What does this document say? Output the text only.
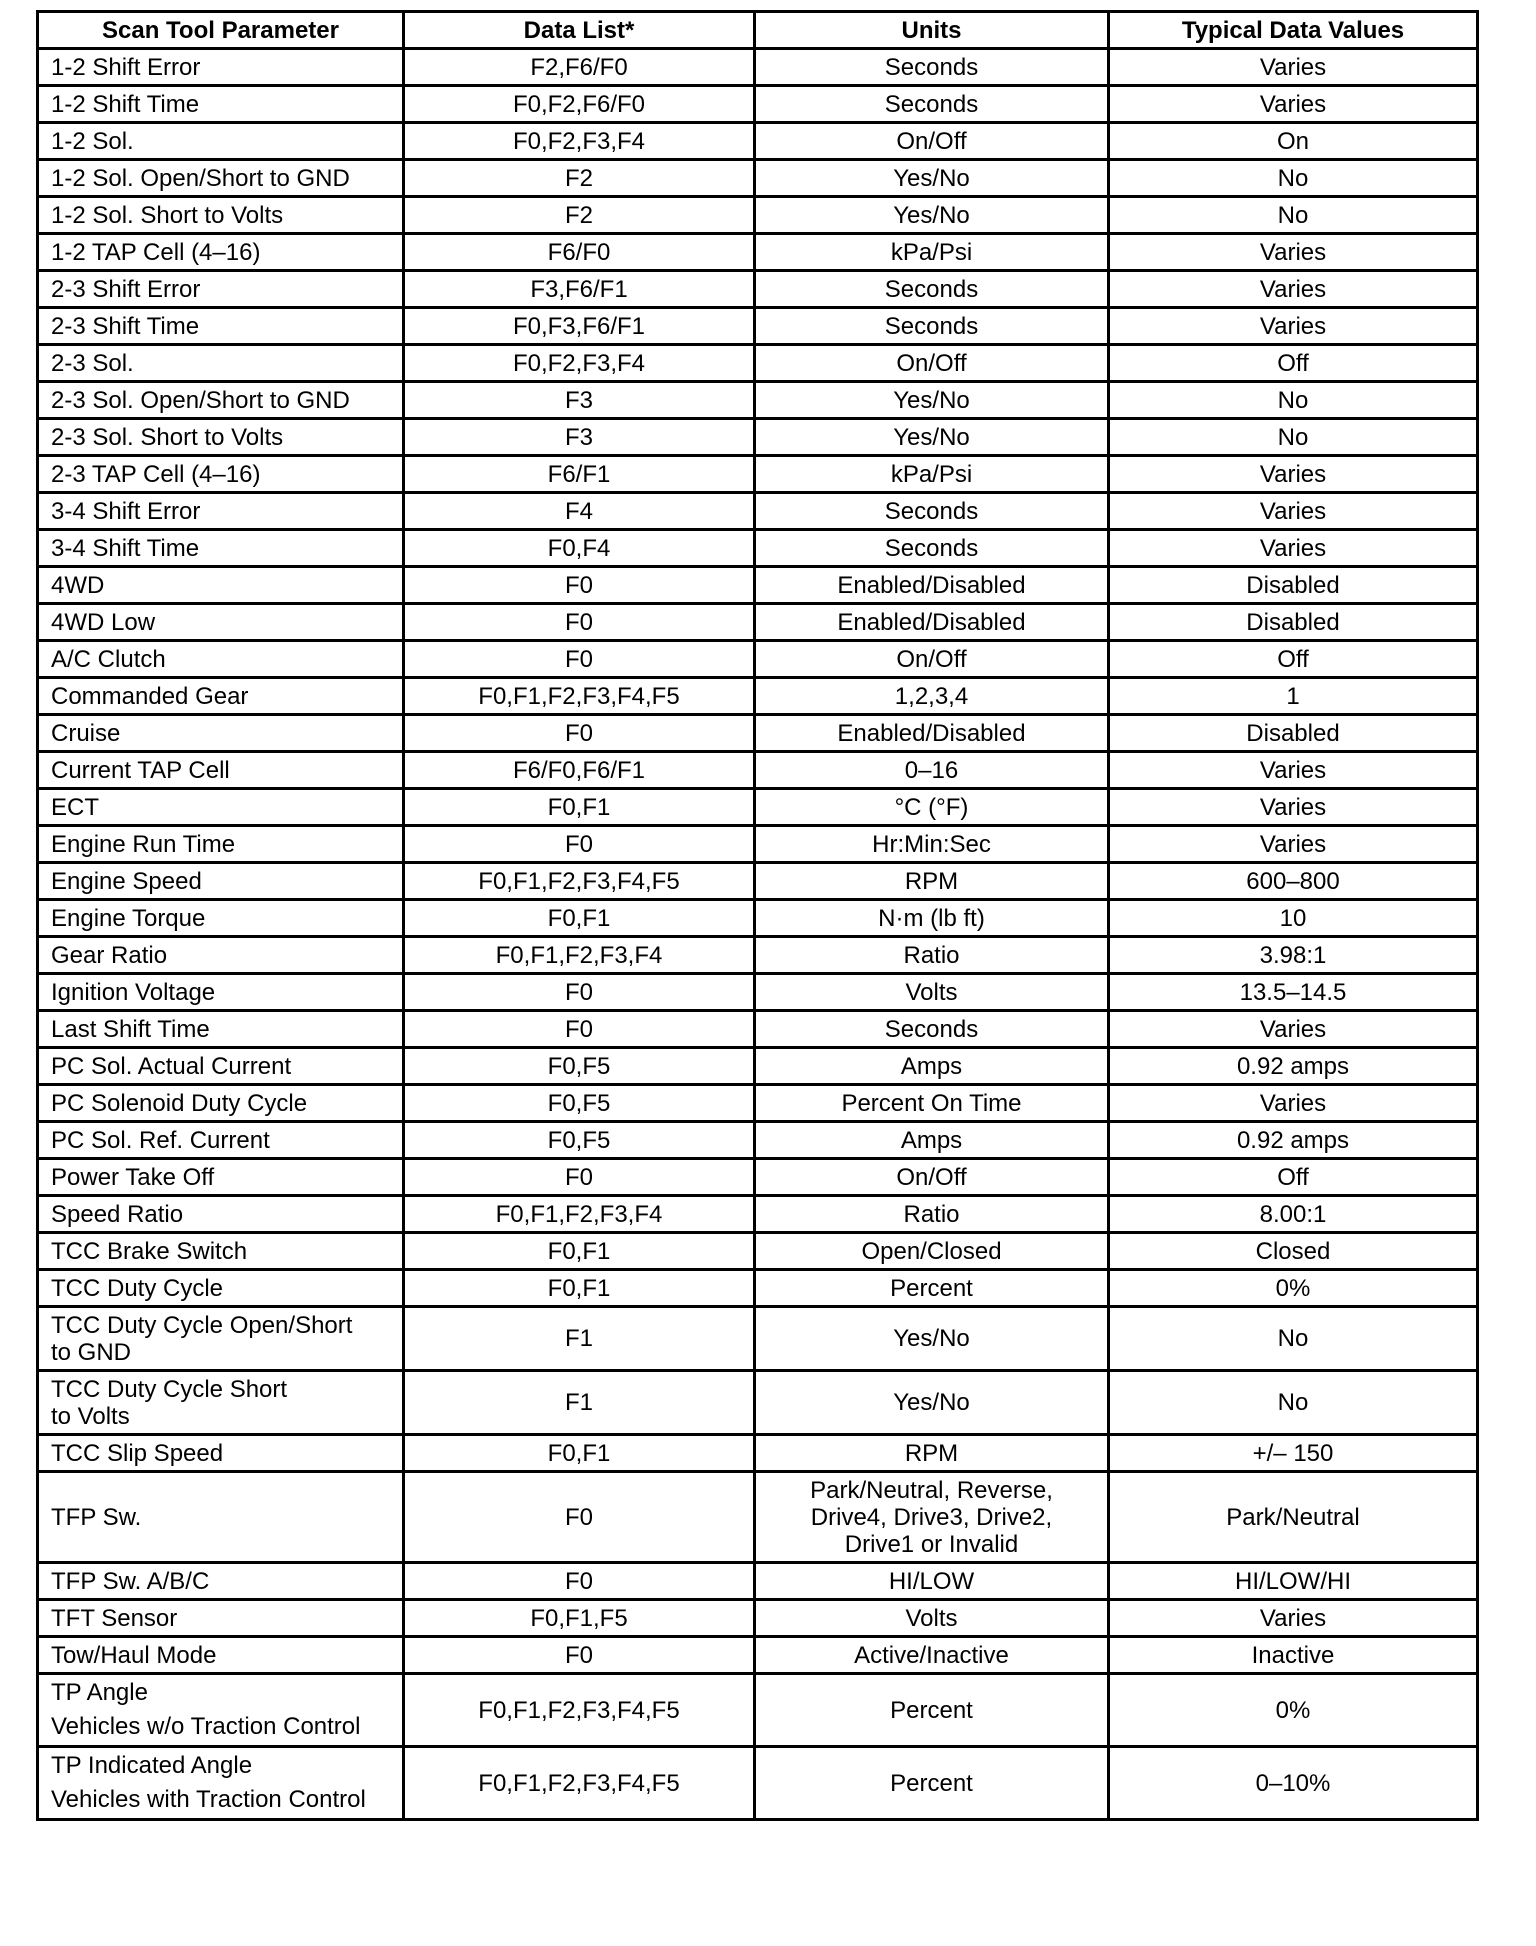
Scan Tool Parameter	Data List*	Units	Typical Data Values
1-2 Shift Error	F2,F6/F0	Seconds	Varies
1-2 Shift Time	F0,F2,F6/F0	Seconds	Varies
1-2 Sol.	F0,F2,F3,F4	On/Off	On
1-2 Sol. Open/Short to GND	F2	Yes/No	No
1-2 Sol. Short to Volts	F2	Yes/No	No
1-2 TAP Cell (4–16)	F6/F0	kPa/Psi	Varies
2-3 Shift Error	F3,F6/F1	Seconds	Varies
2-3 Shift Time	F0,F3,F6/F1	Seconds	Varies
2-3 Sol.	F0,F2,F3,F4	On/Off	Off
2-3 Sol. Open/Short to GND	F3	Yes/No	No
2-3 Sol. Short to Volts	F3	Yes/No	No
2-3 TAP Cell (4–16)	F6/F1	kPa/Psi	Varies
3-4 Shift Error	F4	Seconds	Varies
3-4 Shift Time	F0,F4	Seconds	Varies
4WD	F0	Enabled/Disabled	Disabled
4WD Low	F0	Enabled/Disabled	Disabled
A/C Clutch	F0	On/Off	Off
Commanded Gear	F0,F1,F2,F3,F4,F5	1,2,3,4	1
Cruise	F0	Enabled/Disabled	Disabled
Current TAP Cell	F6/F0,F6/F1	0–16	Varies
ECT	F0,F1	°C (°F)	Varies
Engine Run Time	F0	Hr:Min:Sec	Varies
Engine Speed	F0,F1,F2,F3,F4,F5	RPM	600–800
Engine Torque	F0,F1	N·m (lb ft)	10
Gear Ratio	F0,F1,F2,F3,F4	Ratio	3.98:1
Ignition Voltage	F0	Volts	13.5–14.5
Last Shift Time	F0	Seconds	Varies
PC Sol. Actual Current	F0,F5	Amps	0.92 amps
PC Solenoid Duty Cycle	F0,F5	Percent On Time	Varies
PC Sol. Ref. Current	F0,F5	Amps	0.92 amps
Power Take Off	F0	On/Off	Off
Speed Ratio	F0,F1,F2,F3,F4	Ratio	8.00:1
TCC Brake Switch	F0,F1	Open/Closed	Closed
TCC Duty Cycle	F0,F1	Percent	0%
TCC Duty Cycle Open/Short
to GND	F1	Yes/No	No
TCC Duty Cycle Short
to Volts	F1	Yes/No	No
TCC Slip Speed	F0,F1	RPM	+/– 150
TFP Sw.	F0	Park/Neutral, Reverse,
Drive4, Drive3, Drive2,
Drive1 or Invalid	Park/Neutral
TFP Sw. A/B/C	F0	HI/LOW	HI/LOW/HI
TFT Sensor	F0,F1,F5	Volts	Varies
Tow/Haul Mode	F0	Active/Inactive	Inactive
TP Angle
Vehicles w/o Traction Control	F0,F1,F2,F3,F4,F5	Percent	0%
TP Indicated Angle
Vehicles with Traction Control	F0,F1,F2,F3,F4,F5	Percent	0–10%
